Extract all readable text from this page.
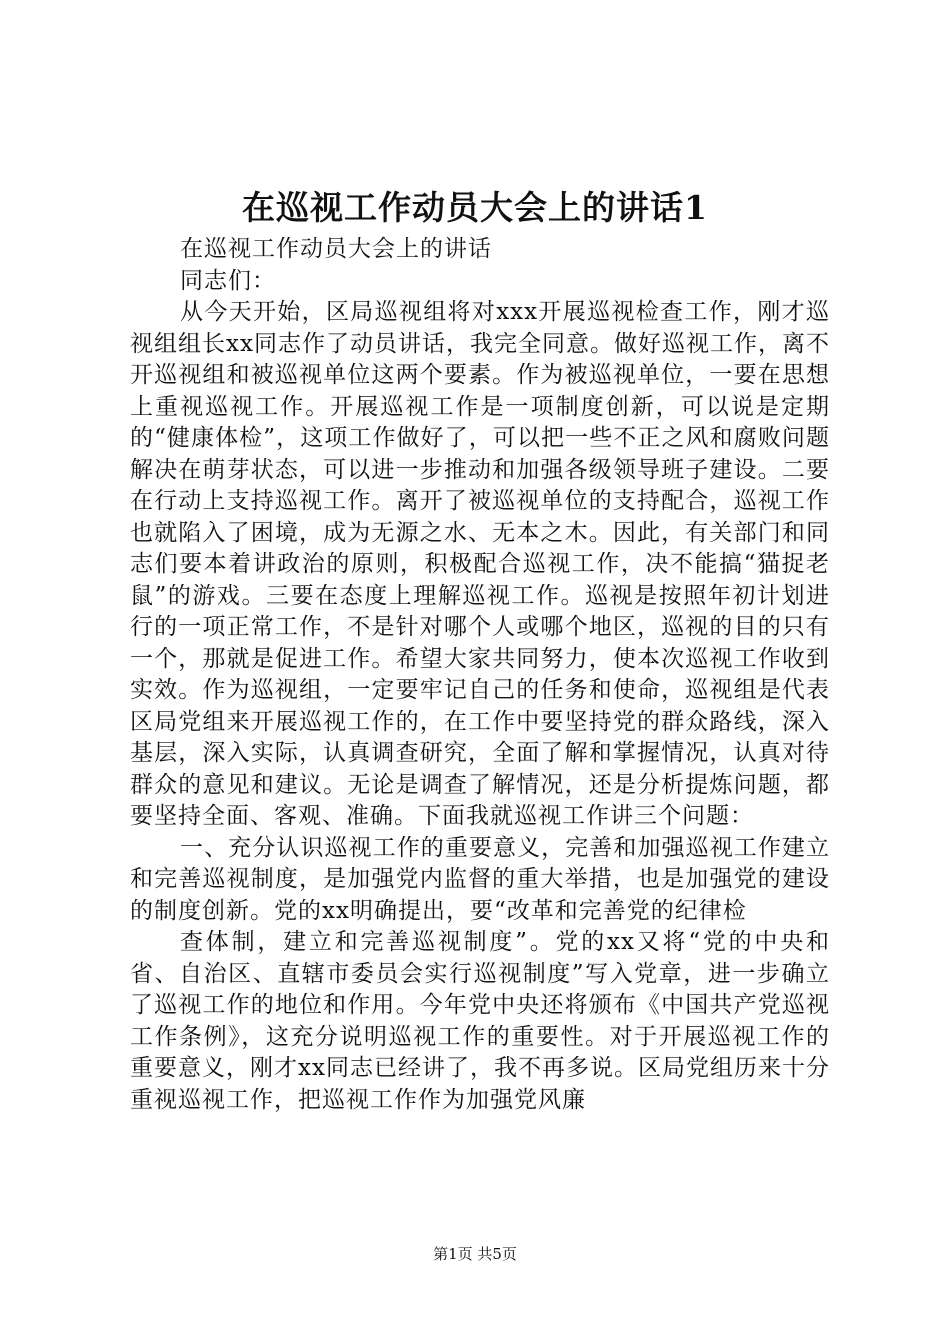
在巡视工作动员大会上的讲话1

在巡视工作动员大会上的讲话

同志们：

从今天开始，区局巡视组将对xxx开展巡视检查工作，刚才巡视组组长xx同志作了动员讲话，我完全同意。做好巡视工作，离不开巡视组和被巡视单位这两个要素。作为被巡视单位，一要在思想上重视巡视工作。开展巡视工作是一项制度创新，可以说是定期的“健康体检”，这项工作做好了，可以把一些不正之风和腐败问题解决在萌芽状态，可以进一步推动和加强各级领导班子建设。二要在行动上支持巡视工作。离开了被巡视单位的支持配合，巡视工作也就陷入了困境，成为无源之水、无本之木。因此，有关部门和同志们要本着讲政治的原则，积极配合巡视工作，决不能搞“猫捉老鼠”的游戏。三要在态度上理解巡视工作。巡视是按照年初计划进行的一项正常工作，不是针对哪个人或哪个地区，巡视的目的只有一个，那就是促进工作。希望大家共同努力，使本次巡视工作收到实效。作为巡视组，一定要牢记自己的任务和使命，巡视组是代表区局党组来开展巡视工作的，在工作中要坚持党的群众路线，深入基层，深入实际，认真调查研究，全面了解和掌握情况，认真对待群众的意见和建议。无论是调查了解情况，还是分析提炼问题，都要坚持全面、客观、准确。下面我就巡视工作讲三个问题：

一、充分认识巡视工作的重要意义，完善和加强巡视工作建立和完善巡视制度，是加强党内监督的重大举措，也是加强党的建设的制度创新。党的xx明确提出，要“改革和完善党的纪律检

查体制，建立和完善巡视制度”。党的xx又将“党的中央和省、自治区、直辖市委员会实行巡视制度”写入党章，进一步确立了巡视工作的地位和作用。今年党中央还将颁布《中国共产党巡视工作条例》，这充分说明巡视工作的重要性。对于开展巡视工作的重要意义，刚才xx同志已经讲了，我不再多说。区局党组历来十分重视巡视工作，把巡视工作作为加强党风廉

第1页 共5页
